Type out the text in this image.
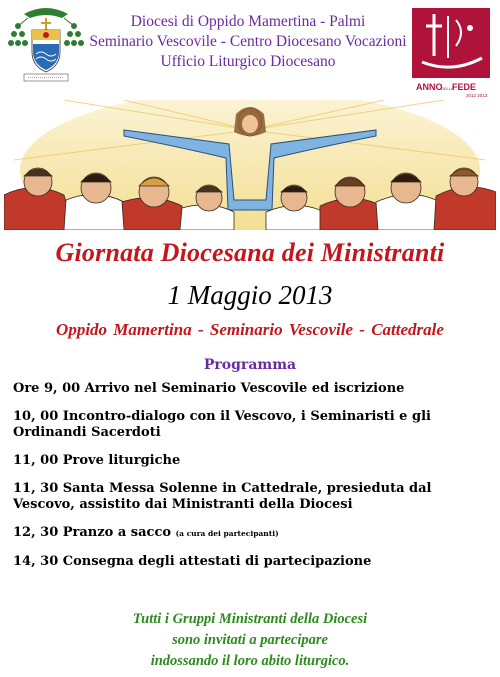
Diocesi di Oppido Mamertina - Palmi
Seminario Vescovile - Centro Diocesano Vocazioni
Ufficio Liturgico Diocesano
ANNO
DELLA
FEDE
2012 2013
Giornata Diocesana dei Ministranti
1 Maggio 2013
Oppido Mamertina - Seminario Vescovile - Cattedrale
Programma
Ore 9, 00 Arrivo nel Seminario Vescovile ed iscrizione
10, 00 Incontro-dialogo con il Vescovo, i Seminaristi e gli Ordinandi Sacerdoti
11, 00 Prove liturgiche
11, 30 Santa Messa Solenne in Cattedrale, presieduta dal Vescovo, assistito dai Ministranti della Diocesi
12, 30 Pranzo a sacco (a cura dei partecipanti)
14, 30 Consegna degli attestati di partecipazione
Tutti i Gruppi Ministranti della Diocesi
sono invitati a partecipare
indossando il loro abito liturgico.
